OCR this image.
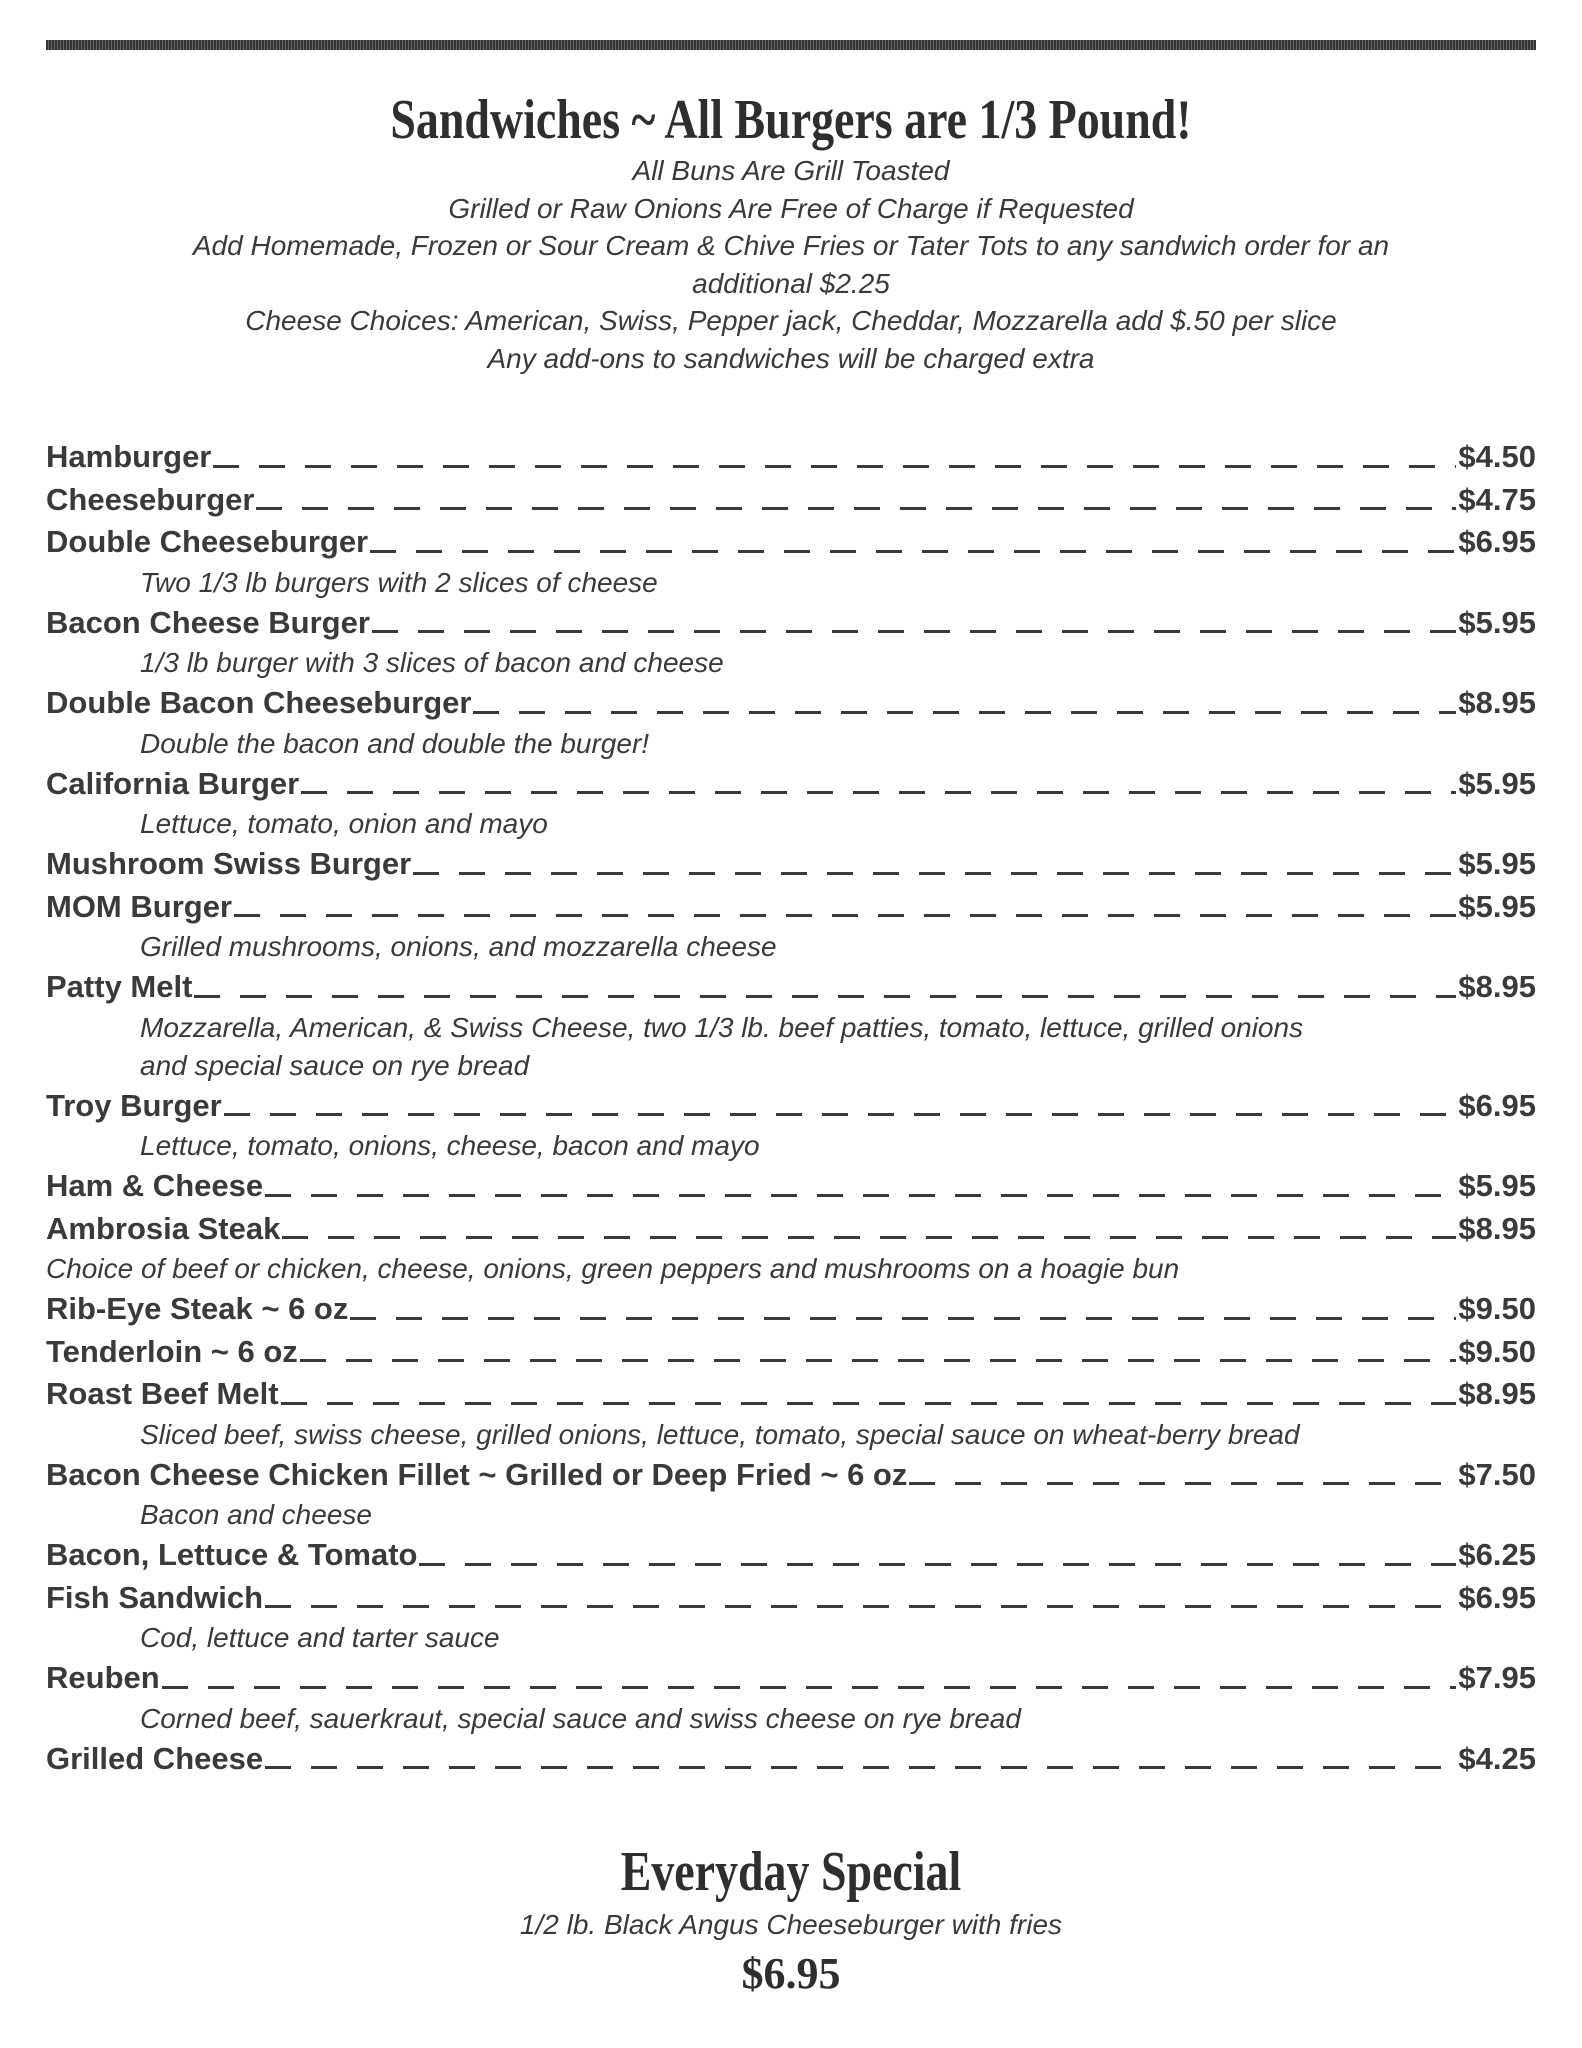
Sandwiches ~ All Burgers are 1/3 Pound!
All Buns Are Grill Toasted
Grilled or Raw Onions Are Free of Charge if Requested
Add Homemade, Frozen or Sour Cream & Chive Fries or Tater Tots to any sandwich order for an
additional $2.25
Cheese Choices: American, Swiss, Pepper jack, Cheddar, Mozzarella add $.50 per slice
Any add-ons to sandwiches will be charged extra
Hamburger	$4.50
Cheeseburger	$4.75
Double Cheeseburger	$6.95
Two 1/3 lb burgers with 2 slices of cheese
Bacon Cheese Burger	$5.95
1/3 lb burger with 3 slices of bacon and cheese
Double Bacon Cheeseburger	$8.95
Double the bacon and double the burger!
California Burger	$5.95
Lettuce, tomato, onion and mayo
Mushroom Swiss Burger	$5.95
MOM Burger	$5.95
Grilled mushrooms, onions, and mozzarella cheese
Patty Melt	$8.95
Mozzarella, American, & Swiss Cheese, two 1/3 lb. beef patties, tomato, lettuce, grilled onions
and special sauce on rye bread
Troy Burger	$6.95
Lettuce, tomato, onions, cheese, bacon and mayo
Ham & Cheese	$5.95
Ambrosia Steak	$8.95
Choice of beef or chicken, cheese, onions, green peppers and mushrooms on a hoagie bun
Rib-Eye Steak ~ 6 oz	$9.50
Tenderloin ~ 6 oz	$9.50
Roast Beef Melt	$8.95
Sliced beef, swiss cheese, grilled onions, lettuce, tomato, special sauce on wheat-berry bread
Bacon Cheese Chicken Fillet ~ Grilled or Deep Fried ~ 6 oz	$7.50
Bacon and cheese
Bacon, Lettuce & Tomato	$6.25
Fish Sandwich	$6.95
Cod, lettuce and tarter sauce
Reuben	$7.95
Corned beef, sauerkraut, special sauce and swiss cheese on rye bread
Grilled Cheese	$4.25
Everyday Special
1/2 lb. Black Angus Cheeseburger with fries
$6.95
